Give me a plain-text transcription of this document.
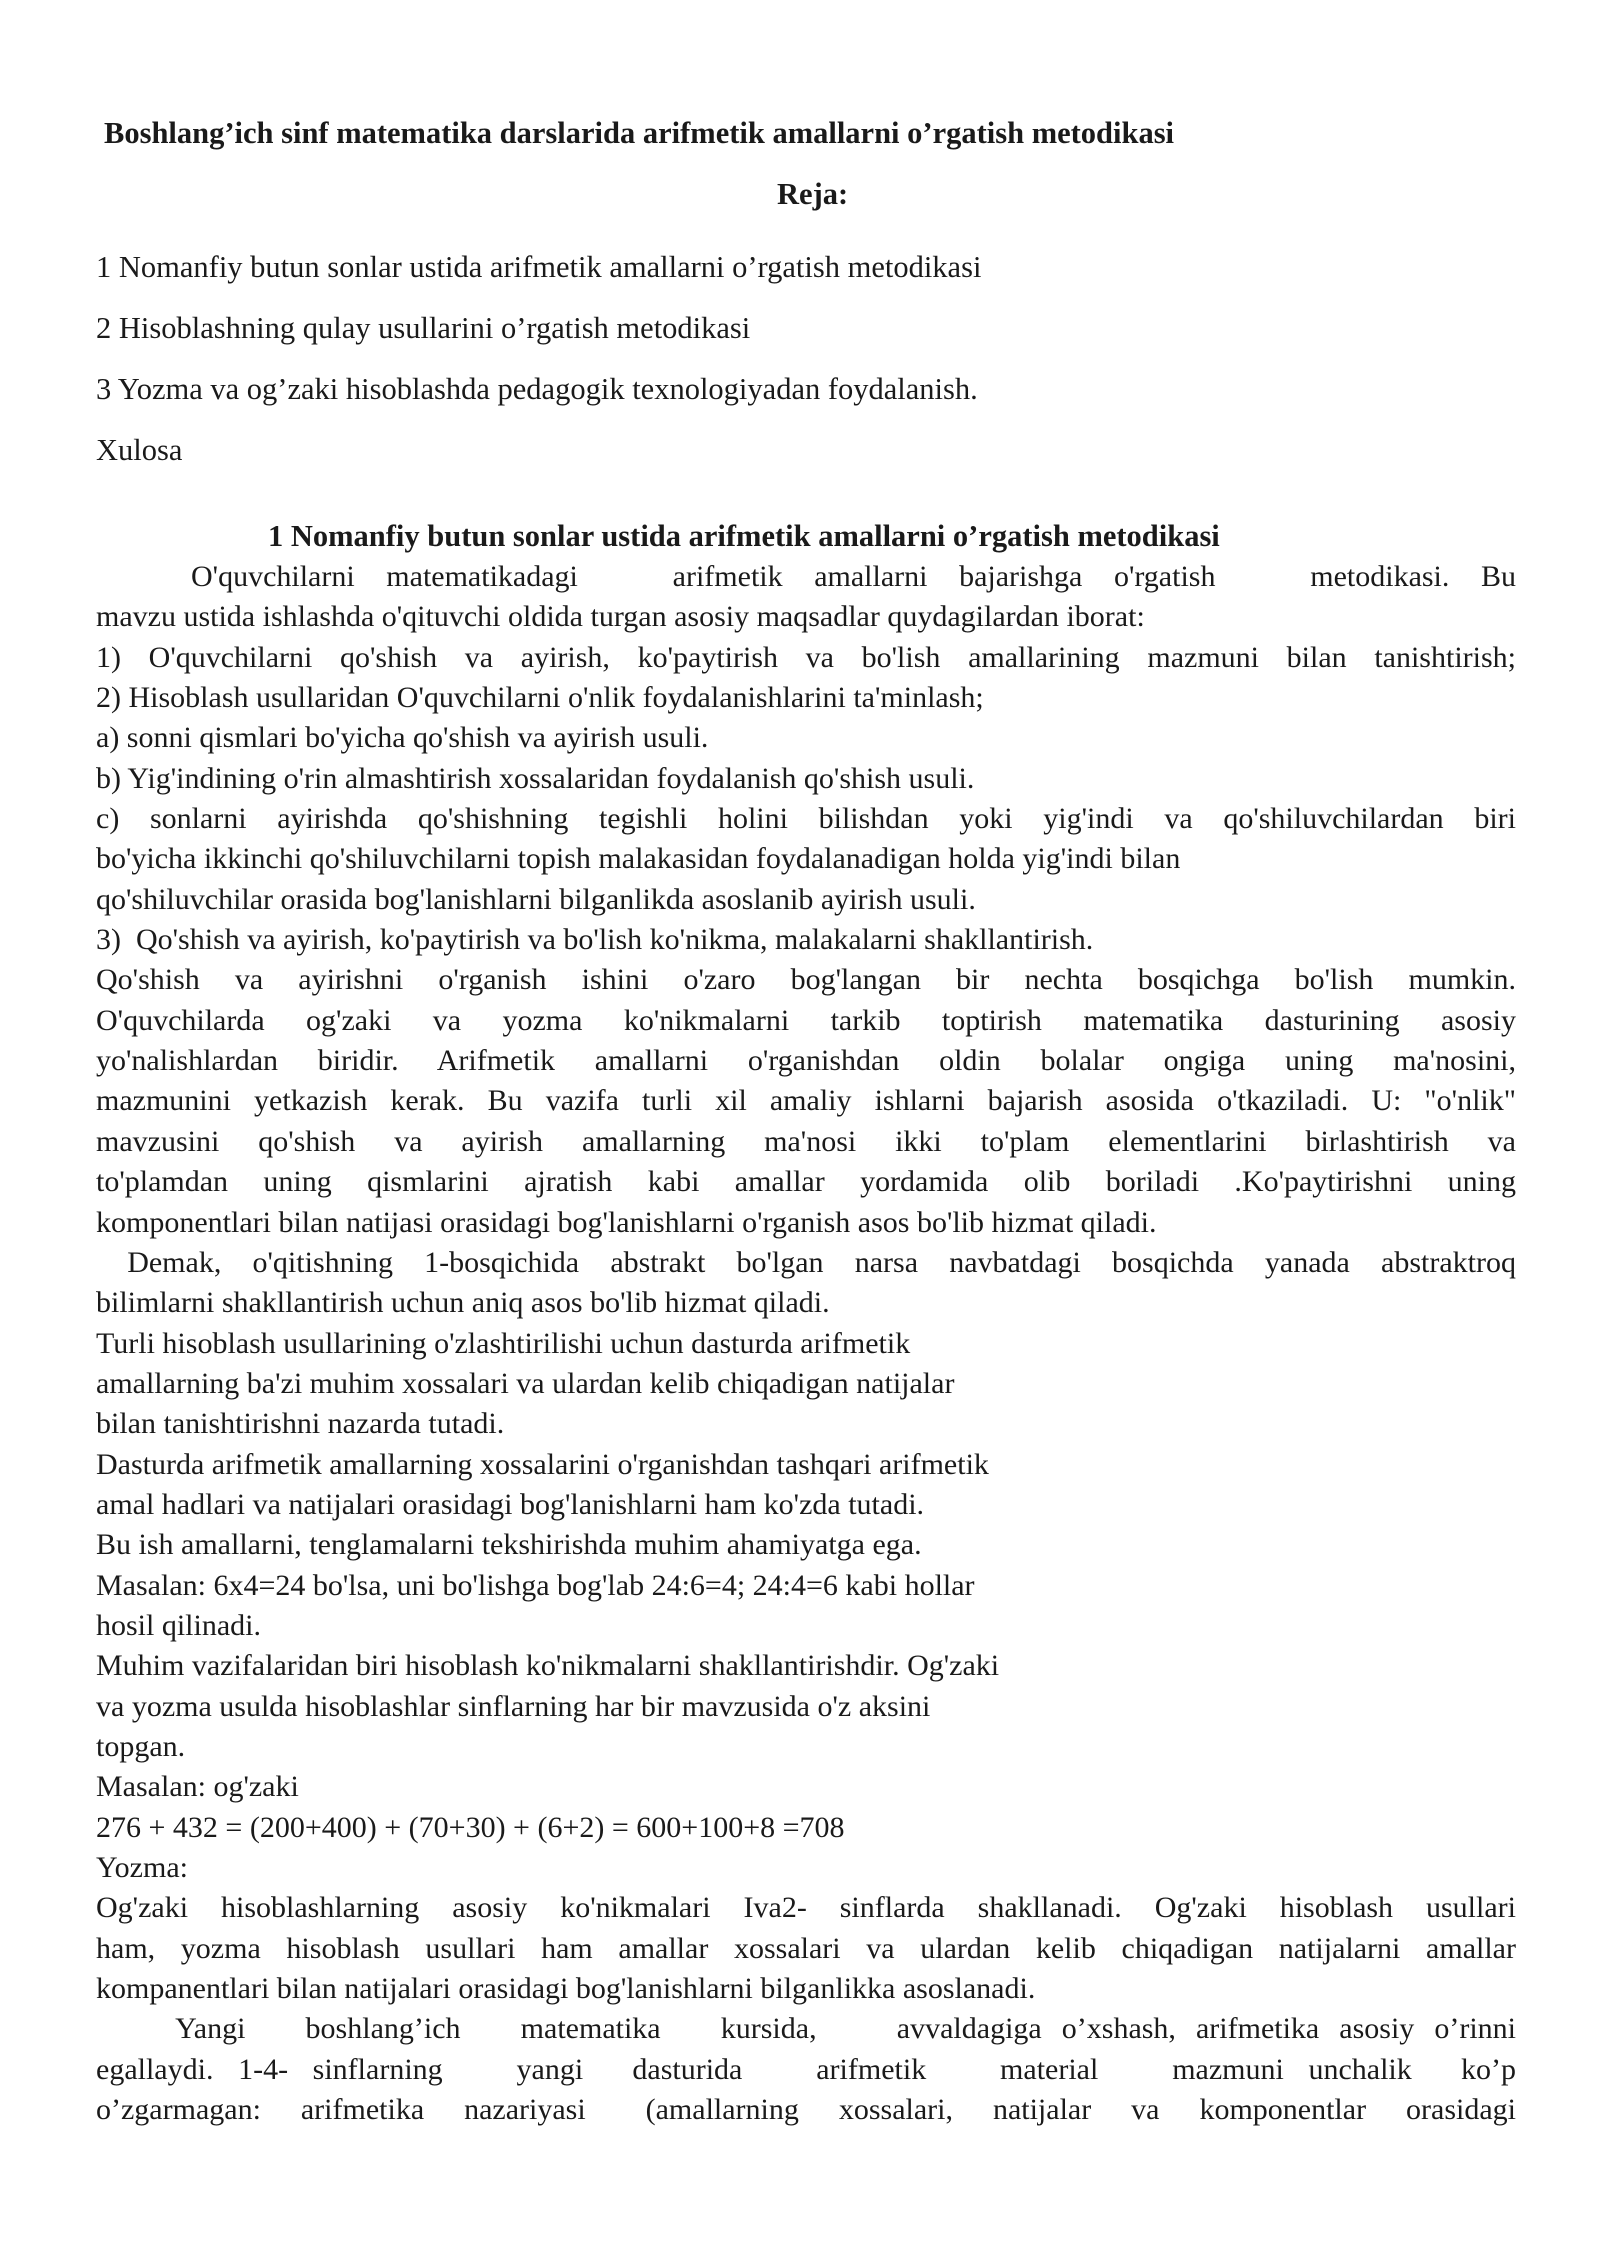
Boshlang’ich sinf matematika darslarida arifmetik amallarni o’rgatish metodikasi
Reja:
1 Nomanfiy butun sonlar ustida arifmetik amallarni o’rgatish metodikasi
2 Hisoblashning qulay usullarini o’rgatish metodikasi
3 Yozma va og’zaki hisoblashda pedagogik texnologiyadan foydalanish.
Xulosa
1 Nomanfiy butun sonlar ustida arifmetik amallarni o’rgatish metodikasi
O'quvchilarni matematikadagi   arifmetik amallarni bajarishga o'rgatish   metodikasi. Bu
mavzu ustida ishlashda o'qituvchi oldida turgan asosiy maqsadlar quydagilardan iborat:
1) O'quvchilarni qo'shish va ayirish, ko'paytirish va bo'lish amallarining mazmuni bilan tanishtirish;
2) Hisoblash usullaridan O'quvchilarni o'nlik foydalanishlarini ta'minlash;
a) sonni qismlari bo'yicha qo'shish va ayirish usuli.
b) Yig'indining o'rin almashtirish xossalaridan foydalanish qo'shish usuli.
c) sonlarni ayirishda qo'shishning tegishli holini bilishdan yoki yig'indi va qo'shiluvchilardan biri
bo'yicha ikkinchi qo'shiluvchilarni topish malakasidan foydalanadigan holda yig'indi bilan
qo'shiluvchilar orasida bog'lanishlarni bilganlikda asoslanib ayirish usuli.
3)  Qo'shish va ayirish, ko'paytirish va bo'lish ko'nikma, malakalarni shakllantirish.
Qo'shish va ayirishni o'rganish ishini o'zaro bog'langan bir nechta bosqichga bo'lish mumkin.
O'quvchilarda og'zaki va yozma ko'nikmalarni tarkib toptirish matematika dasturining asosiy
yo'nalishlardan biridir. Arifmetik amallarni o'rganishdan oldin bolalar ongiga uning ma'nosini,
mazmunini yetkazish kerak. Bu vazifa turli xil amaliy ishlarni bajarish asosida o'tkaziladi. U: "o'nlik"
mavzusini qo'shish va ayirish amallarning ma'nosi ikki to'plam elementlarini birlashtirish va
to'plamdan uning qismlarini ajratish kabi amallar yordamida olib boriladi .Ko'paytirishni uning
komponentlari bilan natijasi orasidagi bog'lanishlarni o'rganish asos bo'lib hizmat qiladi.
Demak, o'qitishning 1-bosqichida abstrakt bo'lgan narsa navbatdagi bosqichda yanada abstraktroq
bilimlarni shakllantirish uchun aniq asos bo'lib hizmat qiladi.
Turli hisoblash usullarining o'zlashtirilishi uchun dasturda arifmetik
amallarning ba'zi muhim xossalari va ulardan kelib chiqadigan natijalar
bilan tanishtirishni nazarda tutadi.
Dasturda arifmetik amallarning xossalarini o'rganishdan tashqari arifmetik
amal hadlari va natijalari orasidagi bog'lanishlarni ham ko'zda tutadi.
Bu ish amallarni, tenglamalarni tekshirishda muhim ahamiyatga ega.
Masalan: 6x4=24 bo'lsa, uni bo'lishga bog'lab 24:6=4; 24:4=6 kabi hollar
hosil qilinadi.
Muhim vazifalaridan biri hisoblash ko'nikmalarni shakllantirishdir. Og'zaki
va yozma usulda hisoblashlar sinflarning har bir mavzusida o'z aksini
topgan.
Masalan: og'zaki
276 + 432 = (200+400) + (70+30) + (6+2) = 600+100+8 =708
Yozma:
Og'zaki hisoblashlarning asosiy ko'nikmalari Iva2- sinflarda shakllanadi. Og'zaki hisoblash usullari
ham, yozma hisoblash usullari ham amallar xossalari va ulardan kelib chiqadigan natijalarni amallar
kompanentlari bilan natijalari orasidagi bog'lanishlarni bilganlikka asoslanadi.
Yangi   boshlang’ich   matematika   kursida,    avvaldagiga o’xshash, arifmetika asosiy o’rinni
egallaydi. 1-4- sinflarning   yangi  dasturida   arifmetik   material   mazmuni unchalik  ko’p
o’zgarmagan:  arifmetika  nazariyasi   (amallarning  xossalari,  natijalar  va  komponentlar  orasidagi
